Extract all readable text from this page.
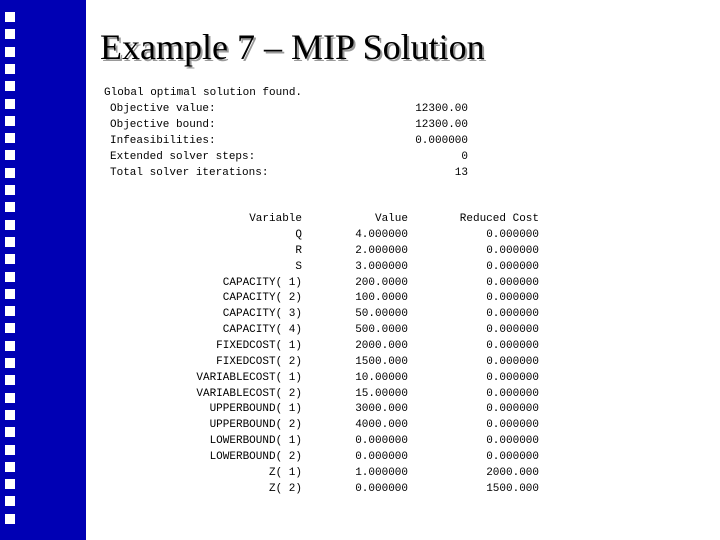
Example 7 – MIP Solution
Global optimal solution found.
Objective value:	12300.00
Objective bound:	12300.00
Infeasibilities:	0.000000
Extended solver steps:	0
Total solver iterations:	13
Variable	Value	Reduced Cost
Q	4.000000	0.000000
R	2.000000	0.000000
S	3.000000	0.000000
CAPACITY( 1)	200.0000	0.000000
CAPACITY( 2)	100.0000	0.000000
CAPACITY( 3)	50.00000	0.000000
CAPACITY( 4)	500.0000	0.000000
FIXEDCOST( 1)	2000.000	0.000000
FIXEDCOST( 2)	1500.000	0.000000
VARIABLECOST( 1)	10.00000	0.000000
VARIABLECOST( 2)	15.00000	0.000000
UPPERBOUND( 1)	3000.000	0.000000
UPPERBOUND( 2)	4000.000	0.000000
LOWERBOUND( 1)	0.000000	0.000000
LOWERBOUND( 2)	0.000000	0.000000
Z( 1)	1.000000	2000.000
Z( 2)	0.000000	1500.000
